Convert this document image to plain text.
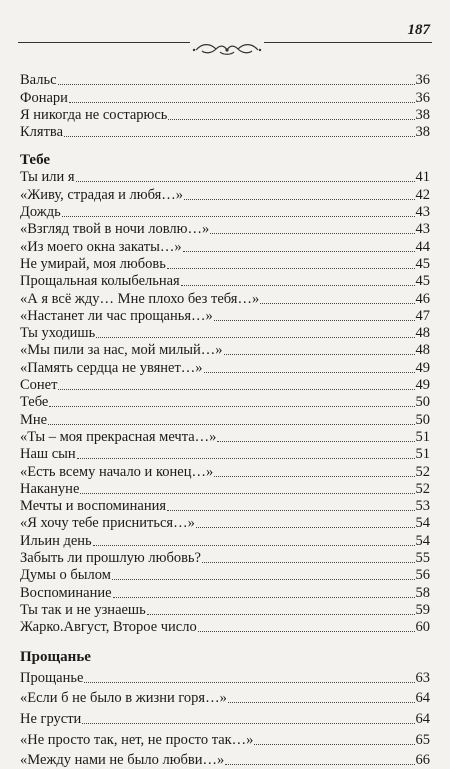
187
Вальс	36
Фонари	36
Я никогда не состарюсь	38
Клятва	38
Тебе
Ты или я	41
«Живу, страдая и любя…»	42
Дождь	43
«Взгляд твой в ночи ловлю…»	43
«Из моего окна закаты…»	44
Не умирай, моя любовь	45
Прощальная колыбельная	45
«А я всё жду… Мне плохо без тебя…»	46
«Настанет ли час прощанья…»	47
Ты уходишь	48
«Мы пили за нас, мой милый…»	48
«Память сердца не увянет…»	49
Сонет	49
Тебе	50
Мне	50
«Ты – моя прекрасная мечта…»	51
Наш сын	51
«Есть всему начало и конец…»	52
Накануне	52
Мечты и воспоминания	53
«Я хочу тебе присниться…»	54
Ильин день	54
Забыть ли прошлую любовь?	55
Думы о былом	56
Воспоминание	58
Ты так и не узнаешь	59
Жарко.Август, Второе число	60
Прощанье
Прощанье	63
«Если б не было в жизни горя…»	64
Не грусти	64
«Не просто так, нет, не просто так…»	65
«Между нами не было любви…»	66
